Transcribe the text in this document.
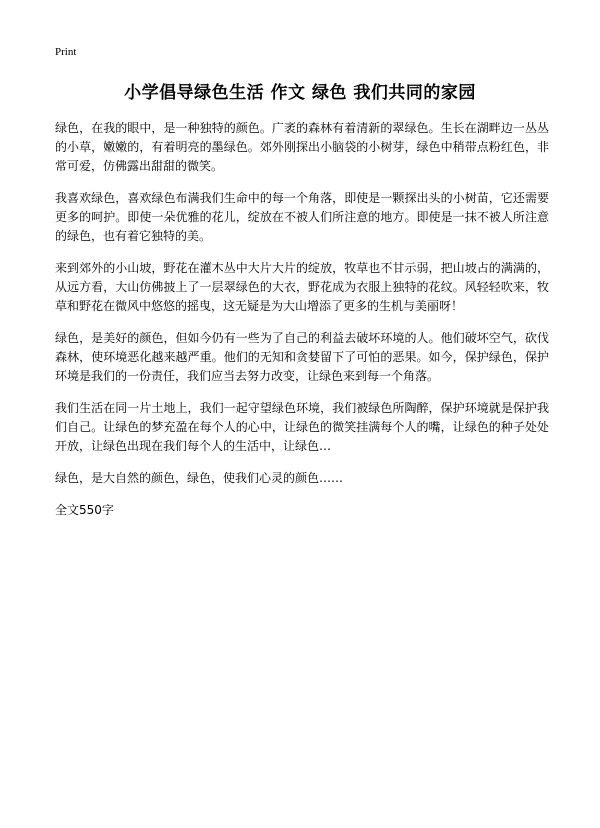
Print
小学倡导绿色生活 作文 绿色 我们共同的家园

绿色，在我的眼中，是一种独特的颜色。广袤的森林有着清新的翠绿色。生长在湖畔边一丛丛的小草，嫩嫩的，有着明亮的墨绿色。郊外刚探出小脑袋的小树芽，绿色中稍带点粉红色，非常可爱，仿佛露出甜甜的微笑。

我喜欢绿色，喜欢绿色布满我们生命中的每一个角落，即使是一颗探出头的小树苗，它还需要更多的呵护。即使一朵优雅的花儿，绽放在不被人们所注意的地方。即使是一抹不被人所注意的绿色，也有着它独特的美。

来到郊外的小山坡，野花在灌木丛中大片大片的绽放，牧草也不甘示弱，把山坡占的满满的，从远方看，大山仿佛披上了一层翠绿色的大衣，野花成为衣服上独特的花纹。风轻轻吹来，牧草和野花在微风中悠悠的摇曳，这无疑是为大山增添了更多的生机与美丽呀！

绿色，是美好的颜色，但如今仍有一些为了自己的利益去破坏环境的人。他们破坏空气，砍伐森林，使环境恶化越来越严重。他们的无知和贪婪留下了可怕的恶果。如今，保护绿色，保护环境是我们的一份责任，我们应当去努力改变，让绿色来到每一个角落。

我们生活在同一片土地上，我们一起守望绿色环境，我们被绿色所陶醉，保护环境就是保护我们自己。让绿色的梦充盈在每个人的心中，让绿色的微笑挂满每个人的嘴，让绿色的种子处处开放，让绿色出现在我们每个人的生活中，让绿色…

绿色，是大自然的颜色，绿色，使我们心灵的颜色……

全文550字
